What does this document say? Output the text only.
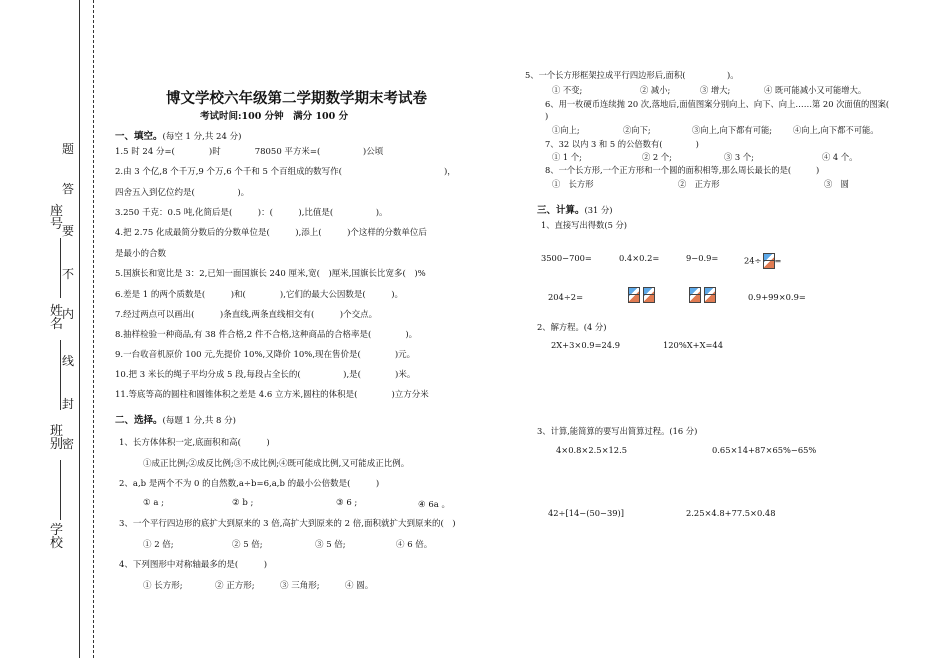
座号
姓名
班别
学校
题
答
要
不
内
线
封
密
博文学校六年级第二学期数学期末考试卷
考试时间:100 分钟　满分 100 分
一、填空。(每空 1 分,共 24 分)
1.5 时 24 分=(　　　　)时　　　　78050 平方米=(　　　　　)公顷
2.由 3 个亿,8 个千万,9 个万,6 个千和 5 个百组成的数写作(　　　　　　　　　　　　)，
四舍五入到亿位约是(　　　　　)。
3.250 千克：0.5 吨,化简后是(　　　)：(　　　),比值是(　　　　　)。
4.把 2.75 化成最简分数后的分数单位是(　　　),添上(　　　)个这样的分数单位后
是最小的合数
5.国旗长和宽比是 3：2,已知一面国旗长 240 厘米,宽(　)厘米,国旗长比宽多(　)%
6.差是 1 的两个质数是(　　　)和(　　　　),它们的最大公因数是(　　　)。
7.经过两点可以画出(　　　)条直线,两条直线相交有(　　　)个交点。
8.抽样检验一种商品,有 38 件合格,2 件不合格,这种商品的合格率是(　　　　)。
9.一台收音机原价 100 元,先提价 10%,又降价 10%,现在售价是(　　　　)元。
10.把 3 米长的绳子平均分成 5 段,每段占全长的(　　　　　),是(　　　　)米。
11.等底等高的圆柱和圆锥体积之差是 4.6 立方米,圆柱的体积是(　　　　)立方分米
二、选择。(每题 1 分,共 8 分)
1、长方体体积一定,底面积和高(　　　)
①成正比例;②成反比例;③不成比例;④既可能成比例,又可能成正比例。
2、a,b 是两个不为 0 的自然数,a÷b=6,a,b 的最小公倍数是(　　　)
① a ;	② b ;	③ 6 ;	④ 6a 。
3、一个平行四边形的底扩大到原来的 3 倍,高扩大到原来的 2 倍,面积就扩大到原来的(　)
① 2 倍;	② 5 倍;	③ 5 倍;	④ 6 倍。
4、下列图形中对称轴最多的是(　　　)
① 长方形;	② 正方形;	③ 三角形;	④ 圆。
5、一个长方形框架拉成平行四边形后,面积(　　　　　)。
① 不变;	② 减小;	③ 增大;	④ 既可能减小又可能增大。
6、用一枚硬币连续抛 20 次,落地后,面值图案分别向上、向下、向上……第 20 次面值的图案(　
)
①向上;	②向下;	③向上,向下都有可能;	④向上,向下都不可能。
7、32 以内 3 和 5 的公倍数有(　　　　)
① 1 个;	② 2 个;	③ 3 个;	④ 4 个。
8、一个长方形,一个正方形和一个圆的面积相等,那么周长最长的是(　　　)
①　长方形	②　正方形	③　圆
三、计算。(31 分)
1、直接写出得数(5 分)
3500−700=	0.4×0.2=	9−0.9=	24÷ =
204÷2=	0.9+99×0.9=
2、解方程。(4 分)
2X+3×0.9=24.9	120%X+X=44
3、计算,能简算的要写出简算过程。(16 分)
4×0.8×2.5×12.5	0.65×14+87×65%−65%
42÷[14−(50−39)]	2.25×4.8+77.5×0.48
